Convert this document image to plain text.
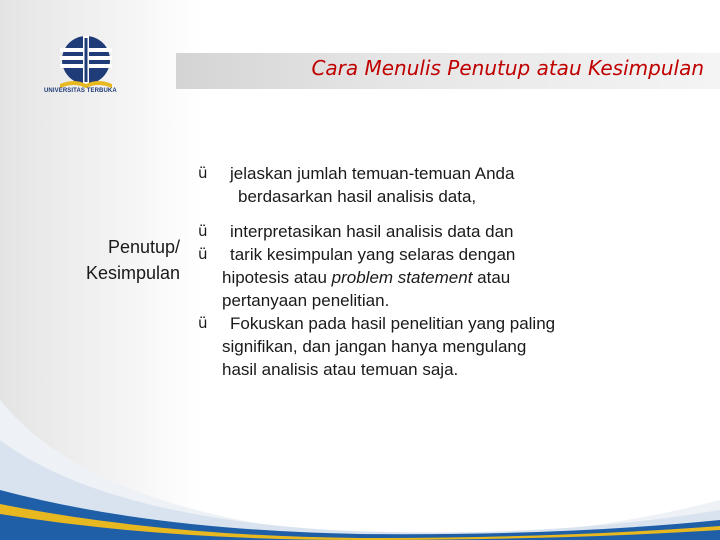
UNIVERSITAS TERBUKA
Cara Menulis Penutup atau Kesimpulan
Penutup/
Kesimpulan
ü jelaskan jumlah temuan-temuan Anda
berdasarkan hasil analisis data,
ü interpretasikan hasil analisis data dan
ü tarik kesimpulan yang selaras dengan
hipotesis atau problem statement atau
pertanyaan penelitian.
ü	Fokuskan pada hasil penelitian yang paling
signifikan, dan jangan hanya mengulang
hasil analisis atau temuan saja.
